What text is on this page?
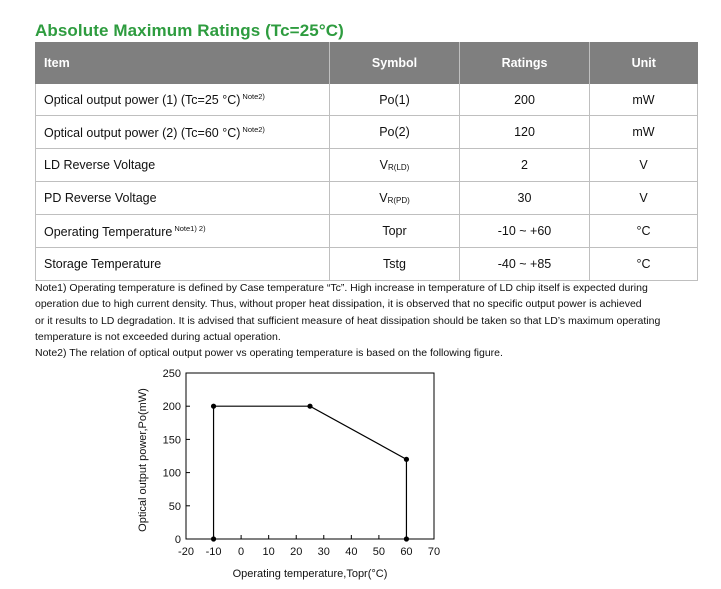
Absolute Maximum Ratings (Tc=25°C)
Item	Symbol	Ratings	Unit
Optical output power (1) (Tc=25 °C) $^{Note2)}$	Po(1)	200	mW
Optical output power (2) (Tc=60 °C) $^{Note2)}$	Po(2)	120	mW
LD Reverse Voltage	VR(LD)	2	V
PD Reverse Voltage	VR(PD)	30	V
Operating Temperature $^{Note1) 2)}$	Topr	-10 ~ +60	°C
Storage Temperature	Tstg	-40 ~ +85	°C

Note1) Operating temperature is defined by Case temperature “Tc”. High increase in temperature of LD chip itself is expected during

operation due to high current density. Thus, without proper heat dissipation, it is observed that no specific output power is achieved

or it results to LD degradation. It is advised that sufficient measure of heat dissipation should be taken so that LD’s maximum operating

temperature is not exceeded during actual operation.

Note2) The relation of optical output power vs operating temperature is based on the following figure.

0
50
100
150
200
250
-20 -10 0 10 20 30 40 50 60 70
Operating temperature,Topr(°C)
Optical output power,Po(mW)
